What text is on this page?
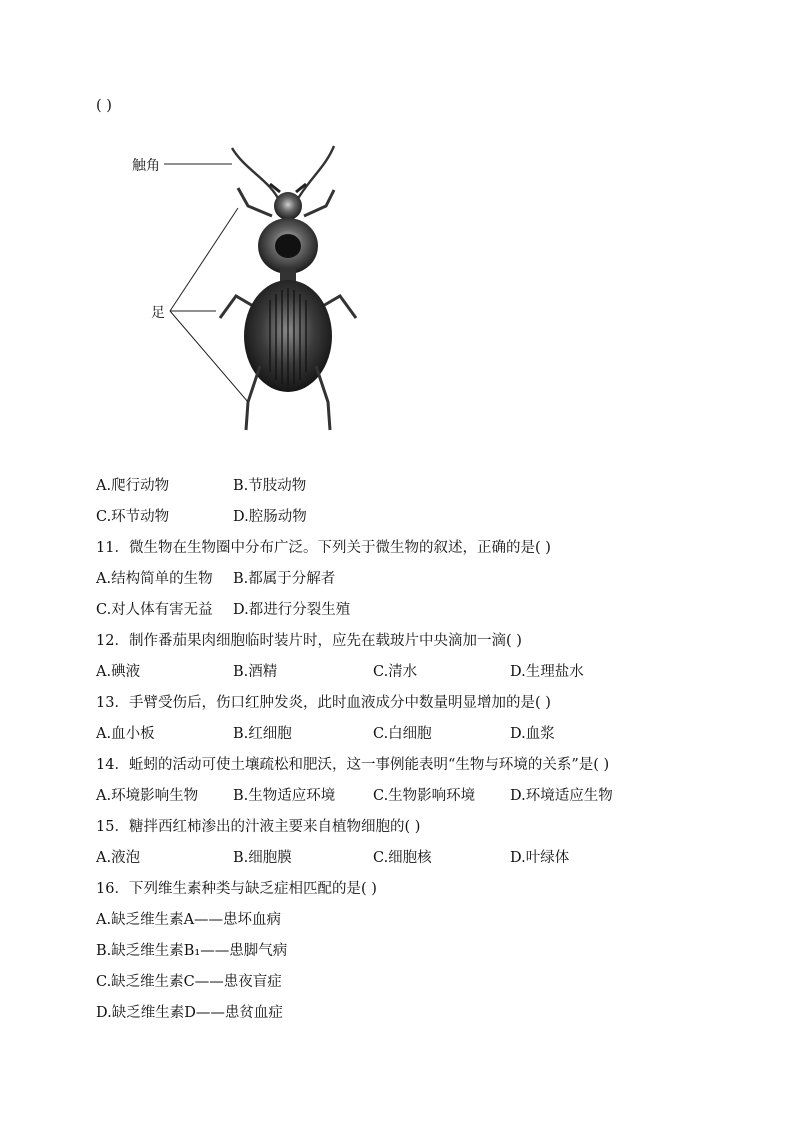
( )
触角
足
A.爬行动物	B.节肢动物
C.环节动物	D.腔肠动物
11．微生物在生物圈中分布广泛。下列关于微生物的叙述，正确的是( )
A.结构简单的生物 B.都属于分解者
C.对人体有害无益 D.都进行分裂生殖
12．制作番茄果肉细胞临时装片时，应先在载玻片中央滴加一滴( )
A.碘液	B.酒精	C.清水	D.生理盐水
13．手臂受伤后，伤口红肿发炎，此时血液成分中数量明显增加的是( )
A.血小板	B.红细胞	C.白细胞	D.血浆
14．蚯蚓的活动可使土壤疏松和肥沃，这一事例能表明“生物与环境的关系”是( )
A.环境影响生物 B.生物适应环境	C.生物影响环境 D.环境适应生物
15．糖拌西红柿渗出的汁液主要来自植物细胞的( )
A.液泡	B.细胞膜	C.细胞核	D.叶绿体
16．下列维生素种类与缺乏症相匹配的是( )
A.缺乏维生素A——患坏血病
B.缺乏维生素B₁——患脚气病
C.缺乏维生素C——患夜盲症
D.缺乏维生素D——患贫血症
